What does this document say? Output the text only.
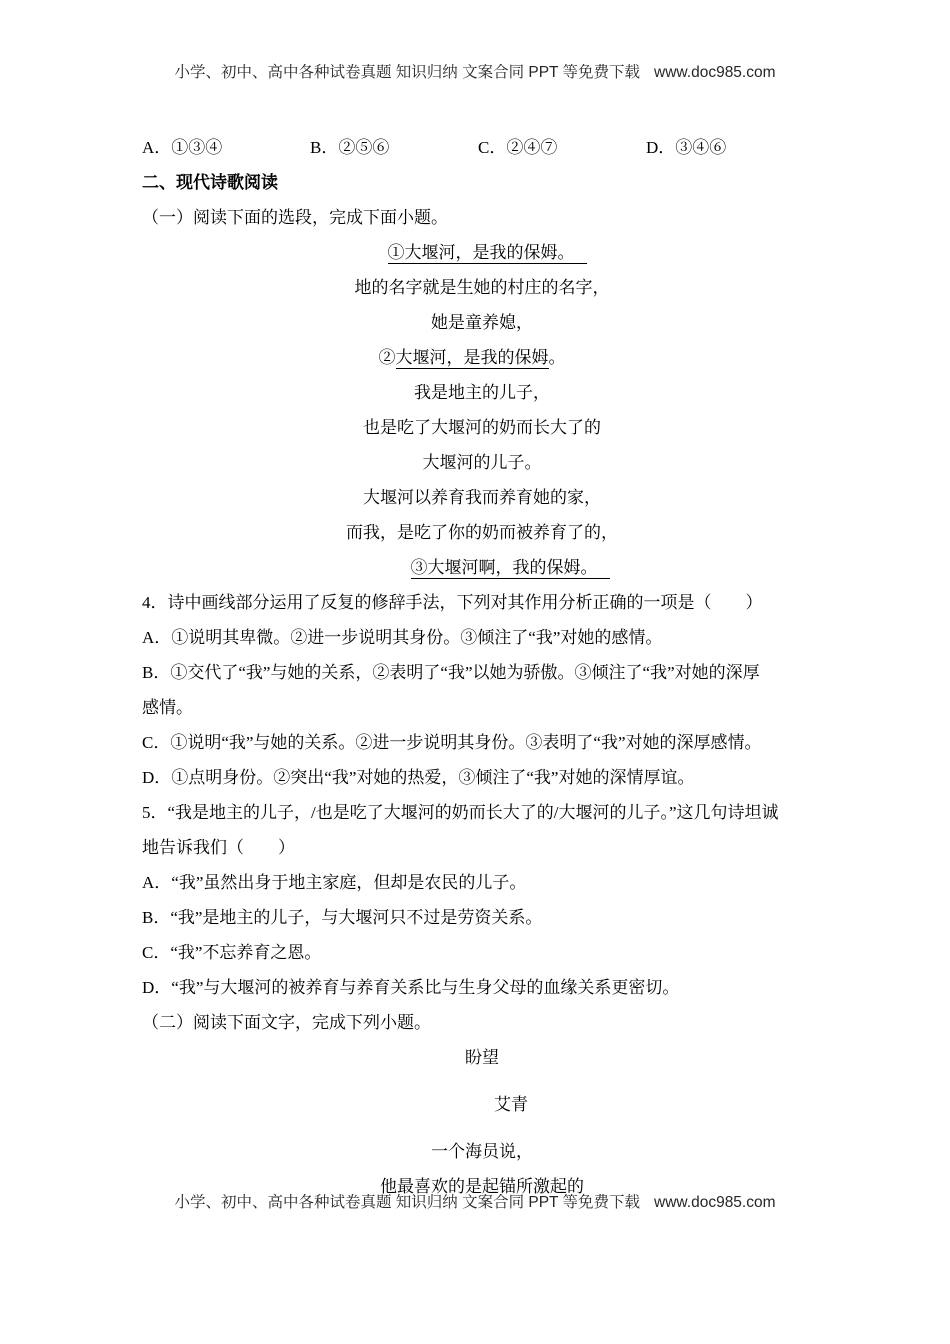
小学、初中、高中各种试卷真题 知识归纳 文案合同 PPT 等免费下载 www.doc985.com
A．①③④	B．②⑤⑥	C．②④⑦	D．③④⑥
二、现代诗歌阅读
（一）阅读下面的选段，完成下面小题。
①大堰河，是我的保姆。
地的名字就是生她的村庄的名字，
她是童养媳，
②大堰河，是我的保姆。
我是地主的儿子，
也是吃了大堰河的奶而长大了的
大堰河的儿子。
大堰河以养育我而养育她的家，
而我，是吃了你的奶而被养育了的，
③大堰河啊，我的保姆。
4．诗中画线部分运用了反复的修辞手法，下列对其作用分析正确的一项是（　　）
A．①说明其卑微。②进一步说明其身份。③倾注了“我”对她的感情。
B．①交代了“我”与她的关系，②表明了“我”以她为骄傲。③倾注了“我”对她的深厚
感情。
C．①说明“我”与她的关系。②进一步说明其身份。③表明了“我”对她的深厚感情。
D．①点明身份。②突出“我”对她的热爱，③倾注了“我”对她的深情厚谊。
5．“我是地主的儿子，/也是吃了大堰河的奶而长大了的/大堰河的儿子。”这几句诗坦诚
地告诉我们（　　）
A．“我”虽然出身于地主家庭，但却是农民的儿子。
B．“我”是地主的儿子，与大堰河只不过是劳资关系。
C．“我”不忘养育之恩。
D．“我”与大堰河的被养育与养育关系比与生身父母的血缘关系更密切。
（二）阅读下面文字，完成下列小题。
盼望
艾青
一个海员说，
他最喜欢的是起锚所激起的
小学、初中、高中各种试卷真题 知识归纳 文案合同 PPT 等免费下载 www.doc985.com
